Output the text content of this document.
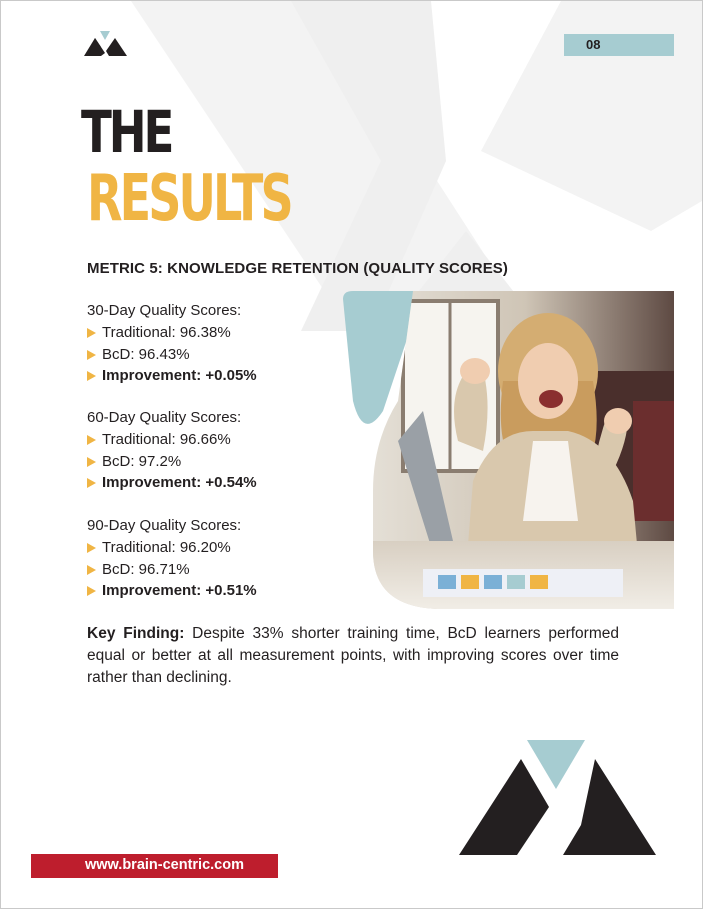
08
THE
RESULTS
METRIC 5: KNOWLEDGE RETENTION (QUALITY SCORES)
30-Day Quality Scores:
Traditional: 96.38%
BcD: 96.43%
Improvement: +0.05%
60-Day Quality Scores:
Traditional: 96.66%
BcD: 97.2%
Improvement: +0.54%
90-Day Quality Scores:
Traditional: 96.20%
BcD: 96.71%
Improvement: +0.51%
Key Finding: Despite 33% shorter training time, BcD learners performed equal or better at all measurement points, with improving scores over time rather than declining.
www.brain-centric.com
